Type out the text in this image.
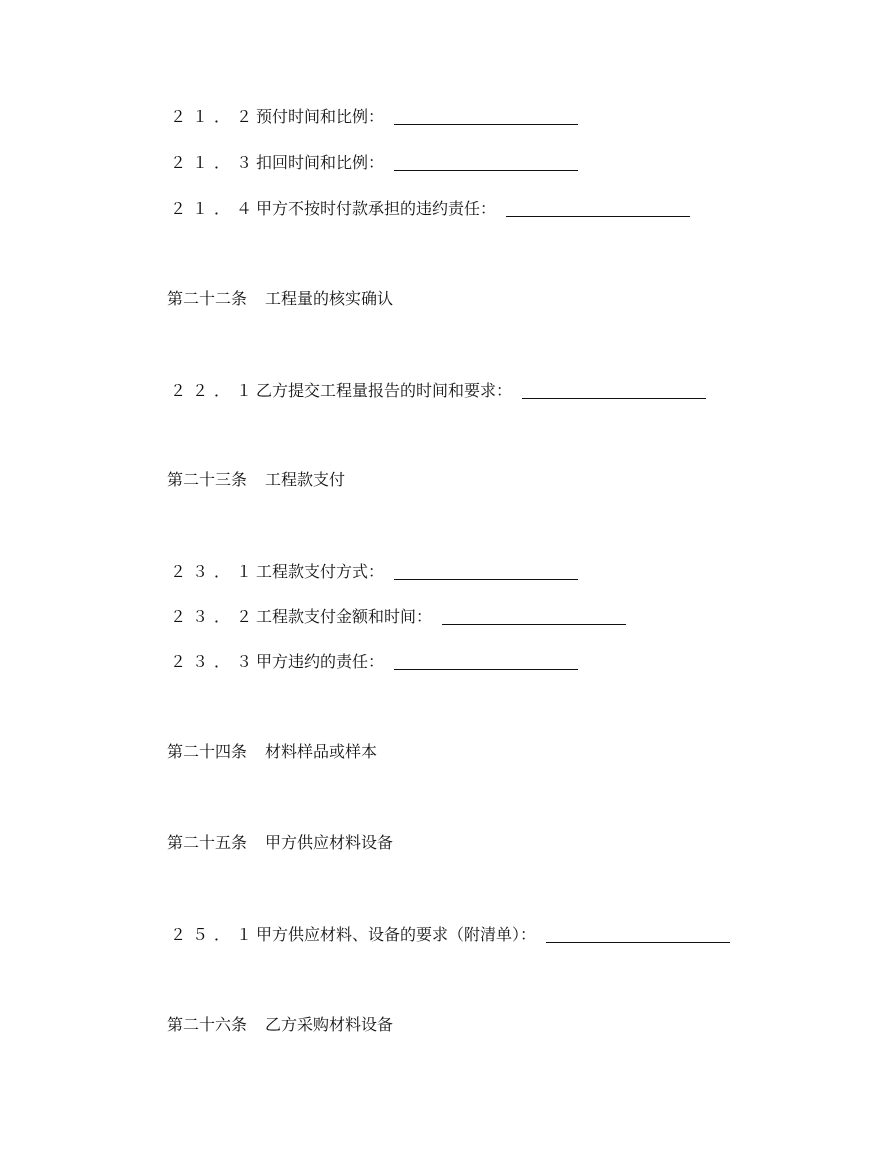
２１．２
预付时间和比例：
２１．３
扣回时间和比例：
２１．４
甲方不按时付款承担的违约责任：
第二十二条 工程量的核实确认
２２．１
乙方提交工程量报告的时间和要求：
第二十三条 工程款支付
２３．１
工程款支付方式：
２３．２
工程款支付金额和时间：
２３．３
甲方违约的责任：
第二十四条 材料样品或样本
第二十五条 甲方供应材料设备
２５．１
甲方供应材料、设备的要求（附清单）：
第二十六条 乙方采购材料设备
